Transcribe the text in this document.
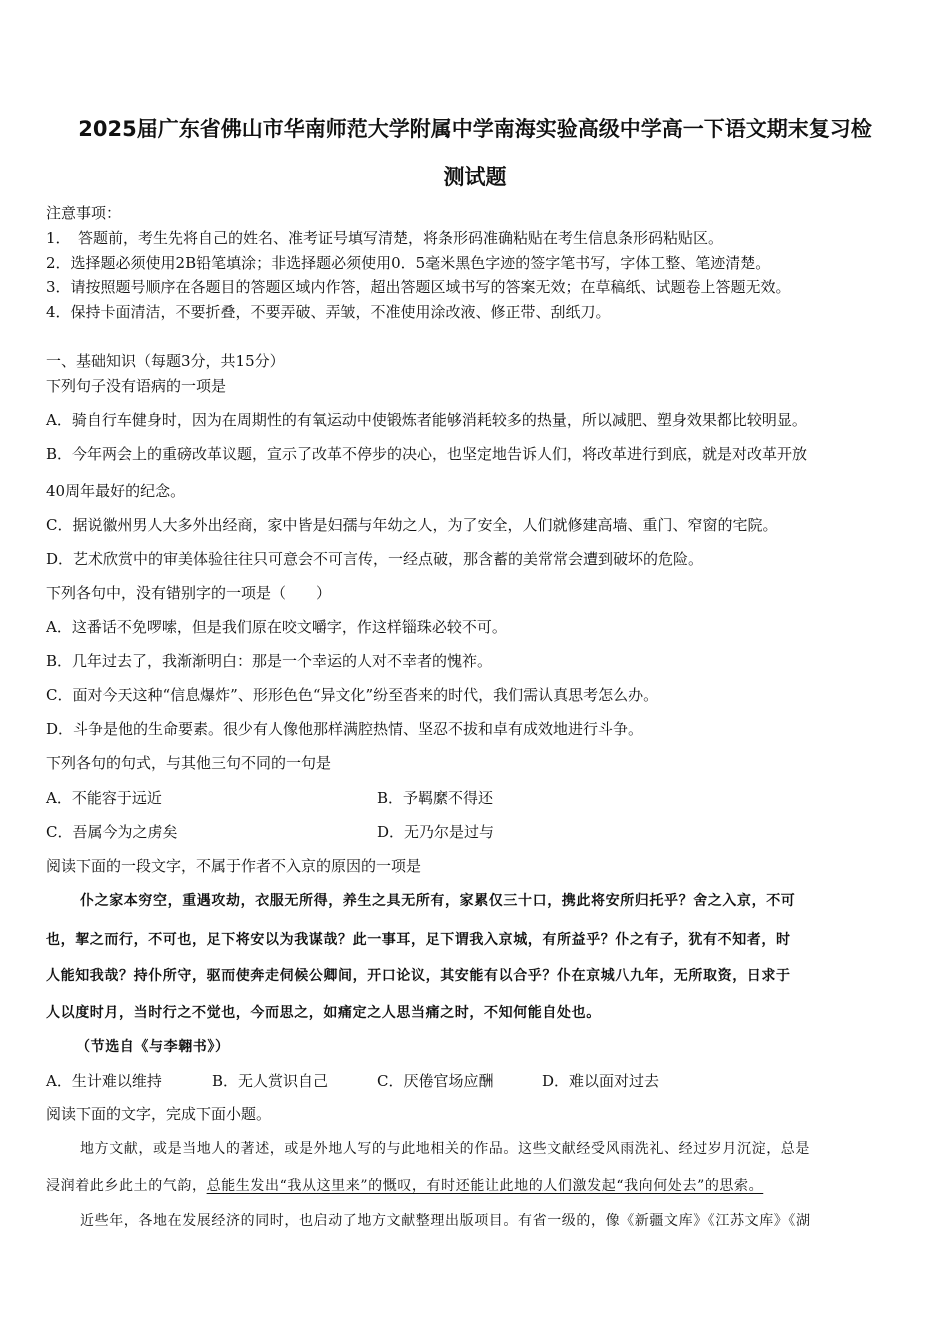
2025届广东省佛山市华南师范大学附属中学南海实验高级中学高一下语文期末复习检
测试题
注意事项：
1．　答题前，考生先将自己的姓名、准考证号填写清楚，将条形码准确粘贴在考生信息条形码粘贴区。
2．选择题必须使用2B铅笔填涂；非选择题必须使用0．5毫米黑色字迹的签字笔书写，字体工整、笔迹清楚。
3．请按照题号顺序在各题目的答题区域内作答，超出答题区域书写的答案无效；在草稿纸、试题卷上答题无效。
4．保持卡面清洁，不要折叠，不要弄破、弄皱，不准使用涂改液、修正带、刮纸刀。
一、基础知识（每题3分，共15分）
下列句子没有语病的一项是
A．骑自行车健身时，因为在周期性的有氧运动中使锻炼者能够消耗较多的热量，所以减肥、塑身效果都比较明显。
B．今年两会上的重磅改革议题，宣示了改革不停步的决心，也坚定地告诉人们，将改革进行到底，就是对改革开放
40周年最好的纪念。
C．据说徽州男人大多外出经商，家中皆是妇孺与年幼之人，为了安全，人们就修建高墙、重门、窄窗的宅院。
D．艺术欣赏中的审美体验往往只可意会不可言传，一经点破，那含蓄的美常常会遭到破坏的危险。
下列各句中，没有错别字的一项是（　　）
A．这番话不免啰嗦，但是我们原在咬文嚼字，作这样锱珠必较不可。
B．几年过去了，我渐渐明白：那是一个幸运的人对不幸者的愧祚。
C．面对今天这种“信息爆炸”、形形色色“异文化”纷至沓来的时代，我们需认真思考怎么办。
D．斗争是他的生命要素。很少有人像他那样满腔热情、坚忍不拔和卓有成效地进行斗争。
下列各句的句式，与其他三句不同的一句是
A．不能容于远近	B．予羁縻不得还
C．吾属今为之虏矣	D．无乃尔是过与
阅读下面的一段文字，不属于作者不入京的原因的一项是
仆之家本穷空，重遇攻劫，衣服无所得，养生之具无所有，家累仅三十口，携此将安所归托乎？舍之入京，不可
也，挈之而行，不可也，足下将安以为我谋哉？此一事耳，足下谓我入京城，有所益乎？仆之有子，犹有不知者，时
人能知我哉？持仆所守，驱而使奔走伺候公卿间，开口论议，其安能有以合乎？仆在京城八九年，无所取资，日求于
人以度时月，当时行之不觉也，今而思之，如痛定之人思当痛之时，不知何能自处也。
（节选自《与李翱书》）
A．生计难以维持	B．无人赏识自己	C．厌倦官场应酬	D．难以面对过去
阅读下面的文字，完成下面小题。
地方文献，或是当地人的著述，或是外地人写的与此地相关的作品。这些文献经受风雨洗礼、经过岁月沉淀，总是
浸润着此乡此土的气韵，总能生发出“我从这里来”的慨叹，有时还能让此地的人们激发起“我向何处去”的思索。
近些年，各地在发展经济的同时，也启动了地方文献整理出版项目。有省一级的，像《新疆文库》《江苏文库》《湖
